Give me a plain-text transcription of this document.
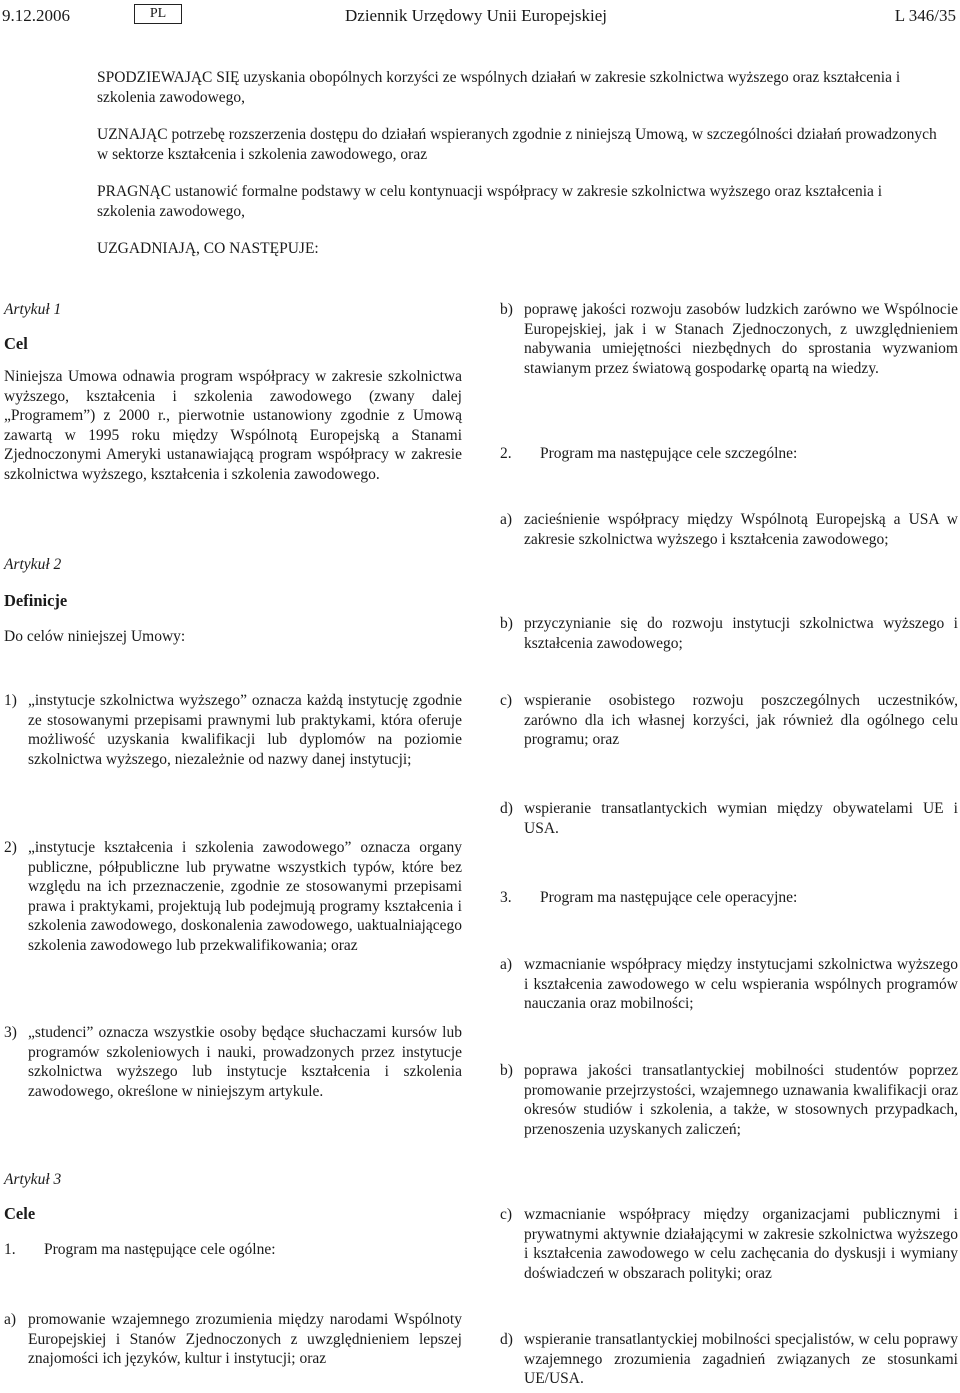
9.12.2006	PL	Dziennik Urzędowy Unii Europejskiej	L 346/35

SPODZIEWAJĄC SIĘ uzyskania obopólnych korzyści ze wspólnych działań w zakresie szkolnictwa wyższego oraz kształcenia i szkolenia zawodowego,

UZNAJĄC potrzebę rozszerzenia dostępu do działań wspieranych zgodnie z niniejszą Umową, w szczególności działań prowadzonych w sektorze kształcenia i szkolenia zawodowego, oraz

PRAGNĄC ustanowić formalne podstawy w celu kontynuacji współpracy w zakresie szkolnictwa wyższego oraz kształcenia i szkolenia zawodowego,

UZGADNIAJĄ, CO NASTĘPUJE:

Artykuł 1

Cel

Niniejsza Umowa odnawia program współpracy w zakresie szkolnictwa wyższego, kształcenia i szkolenia zawodowego (zwany dalej „Programem”) z 2000 r., pierwotnie ustanowiony zgodnie z Umową zawartą w 1995 roku między Wspólnotą Europejską a Stanami Zjednoczonymi Ameryki ustanawiającą program współpracy w zakresie szkolnictwa wyższego, kształcenia i szkolenia zawodowego.

Artykuł 2

Definicje

Do celów niniejszej Umowy:
b) poprawę jakości rozwoju zasobów ludzkich zarówno we Wspólnocie Europejskiej, jak i w Stanach Zjednoczonych, z uwzględnieniem nabywania umiejętności niezbędnych do sprostania wyzwaniom stawianym przez światową gospodarkę opartą na wiedzy.
2.	Program ma następujące cele szczególne:
a) zacieśnienie współpracy między Wspólnotą Europejską a USA w zakresie szkolnictwa wyższego i kształcenia zawodowego;
b) przyczynianie się do rozwoju instytucji szkolnictwa wyższego i kształcenia zawodowego;
1) „instytucje szkolnictwa wyższego” oznacza każdą instytucję zgodnie ze stosowanymi przepisami prawnymi lub praktykami, która oferuje możliwość uzyskania kwalifikacji lub dyplomów na poziomie szkolnictwa wyższego, niezależnie od nazwy danej instytucji;
2) „instytucje kształcenia i szkolenia zawodowego” oznacza organy publiczne, półpubliczne lub prywatne wszystkich typów, które bez względu na ich przeznaczenie, zgodnie ze stosowanymi przepisami prawa i praktykami, projektują lub podejmują programy kształcenia i szkolenia zawodowego, doskonalenia zawodowego, uaktualniającego szkolenia zawodowego lub przekwalifikowania; oraz
3) „studenci” oznacza wszystkie osoby będące słuchaczami kursów lub programów szkoleniowych i nauki, prowadzonych przez instytucje szkolnictwa wyższego lub instytucje kształcenia i szkolenia zawodowego, określone w niniejszym artykule.

Artykuł 3

Cele

1.	Program ma następujące cele ogólne:
a) promowanie wzajemnego zrozumienia między narodami Wspólnoty Europejskiej i Stanów Zjednoczonych z uwzględnieniem lepszej znajomości ich języków, kultur i instytucji; oraz
c) wspieranie osobistego rozwoju poszczególnych uczestników, zarówno dla ich własnej korzyści, jak również dla ogólnego celu programu; oraz
d) wspieranie transatlantyckich wymian między obywatelami UE i USA.
3.	Program ma następujące cele operacyjne:
a) wzmacnianie współpracy między instytucjami szkolnictwa wyższego i kształcenia zawodowego w celu wspierania wspólnych programów nauczania oraz mobilności;
b) poprawa jakości transatlantyckiej mobilności studentów poprzez promowanie przejrzystości, wzajemnego uznawania kwalifikacji oraz okresów studiów i szkolenia, a także, w stosownych przypadkach, przenoszenia uzyskanych zaliczeń;
c) wzmacnianie współpracy między organizacjami publicznymi i prywatnymi aktywnie działającymi w zakresie szkolnictwa wyższego i kształcenia zawodowego w celu zachęcania do dyskusji i wymiany doświadczeń w obszarach polityki; oraz
d) wspieranie transatlantyckiej mobilności specjalistów, w celu poprawy wzajemnego zrozumienia zagadnień związanych ze stosunkami UE/USA.
